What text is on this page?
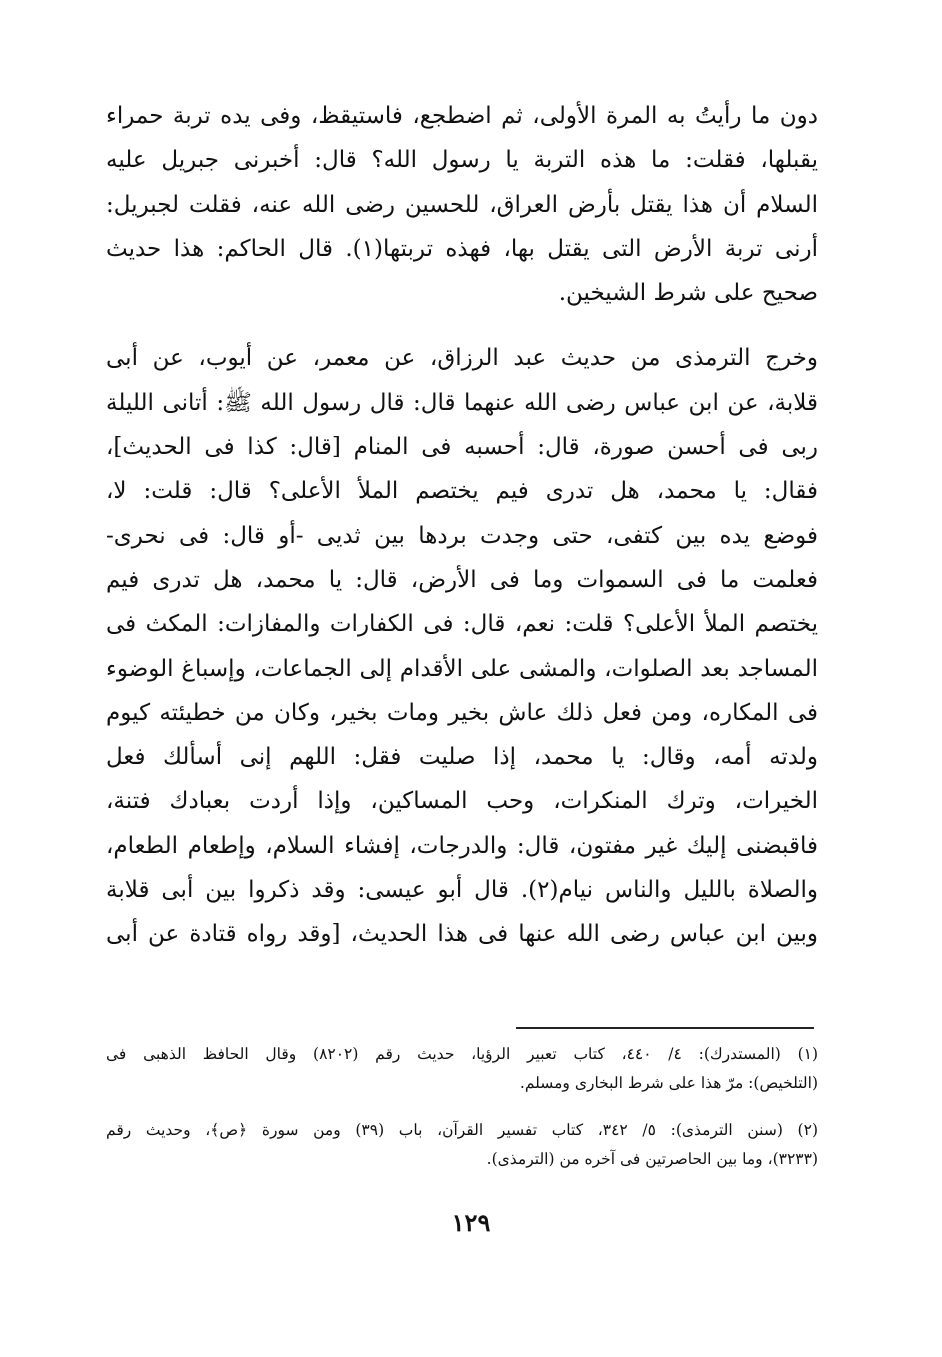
دون ما رأيتُ به المرة الأولى، ثم اضطجع، فاستيقظ، وفى يده تربة حمراء
يقبلها، فقلت: ما هذه التربة يا رسول الله؟ قال: أخبرنى جبريل عليه
السلام أن هذا يقتل بأرض العراق، للحسين رضى الله عنه، فقلت لجبريل:
أرنى تربة الأرض التى يقتل بها، فهذه تربتها(١). قال الحاكم: هذا حديث
صحيح على شرط الشيخين.
وخرج الترمذى من حديث عبد الرزاق، عن معمر، عن أيوب، عن أبى
قلابة، عن ابن عباس رضى الله عنهما قال: قال رسول الله ﷺ: أتانى الليلة
ربى فى أحسن صورة، قال: أحسبه فى المنام [قال: كذا فى الحديث]،
فقال: يا محمد، هل تدرى فيم يختصم الملأ الأعلى؟ قال: قلت: لا،
فوضع يده بين كتفى، حتى وجدت بردها بين ثديى -أو قال: فى نحرى-
فعلمت ما فى السموات وما فى الأرض، قال: يا محمد، هل تدرى فيم
يختصم الملأ الأعلى؟ قلت: نعم، قال: فى الكفارات والمفازات: المكث فى
المساجد بعد الصلوات، والمشى على الأقدام إلى الجماعات، وإسباغ الوضوء
فى المكاره، ومن فعل ذلك عاش بخير ومات بخير، وكان من خطيئته كيوم
ولدته أمه، وقال: يا محمد، إذا صليت فقل: اللهم إنى أسألك فعل
الخيرات، وترك المنكرات، وحب المساكين، وإذا أردت بعبادك فتنة،
فاقبضنى إليك غير مفتون، قال: والدرجات، إفشاء السلام، وإطعام الطعام،
والصلاة بالليل والناس نيام(٢). قال أبو عيسى: وقد ذكروا بين أبى قلابة
وبين ابن عباس رضى الله عنها فى هذا الحديث، [وقد رواه قتادة عن أبى
(١) (المستدرك): ٤/ ٤٤٠، كتاب تعبير الرؤيا، حديث رقم (٨٢٠٢) وقال الحافظ الذهبى فى
(التلخيص): مرّ هذا على شرط البخارى ومسلم.
(٢) (سنن الترمذى): ٥/ ٣٤٢، كتاب تفسير القرآن، باب (٣٩) ومن سورة ﴿ص﴾، وحديث رقم
(٣٢٣٣)، وما بين الحاصرتين فى آخره من (الترمذى).
١٢٩
